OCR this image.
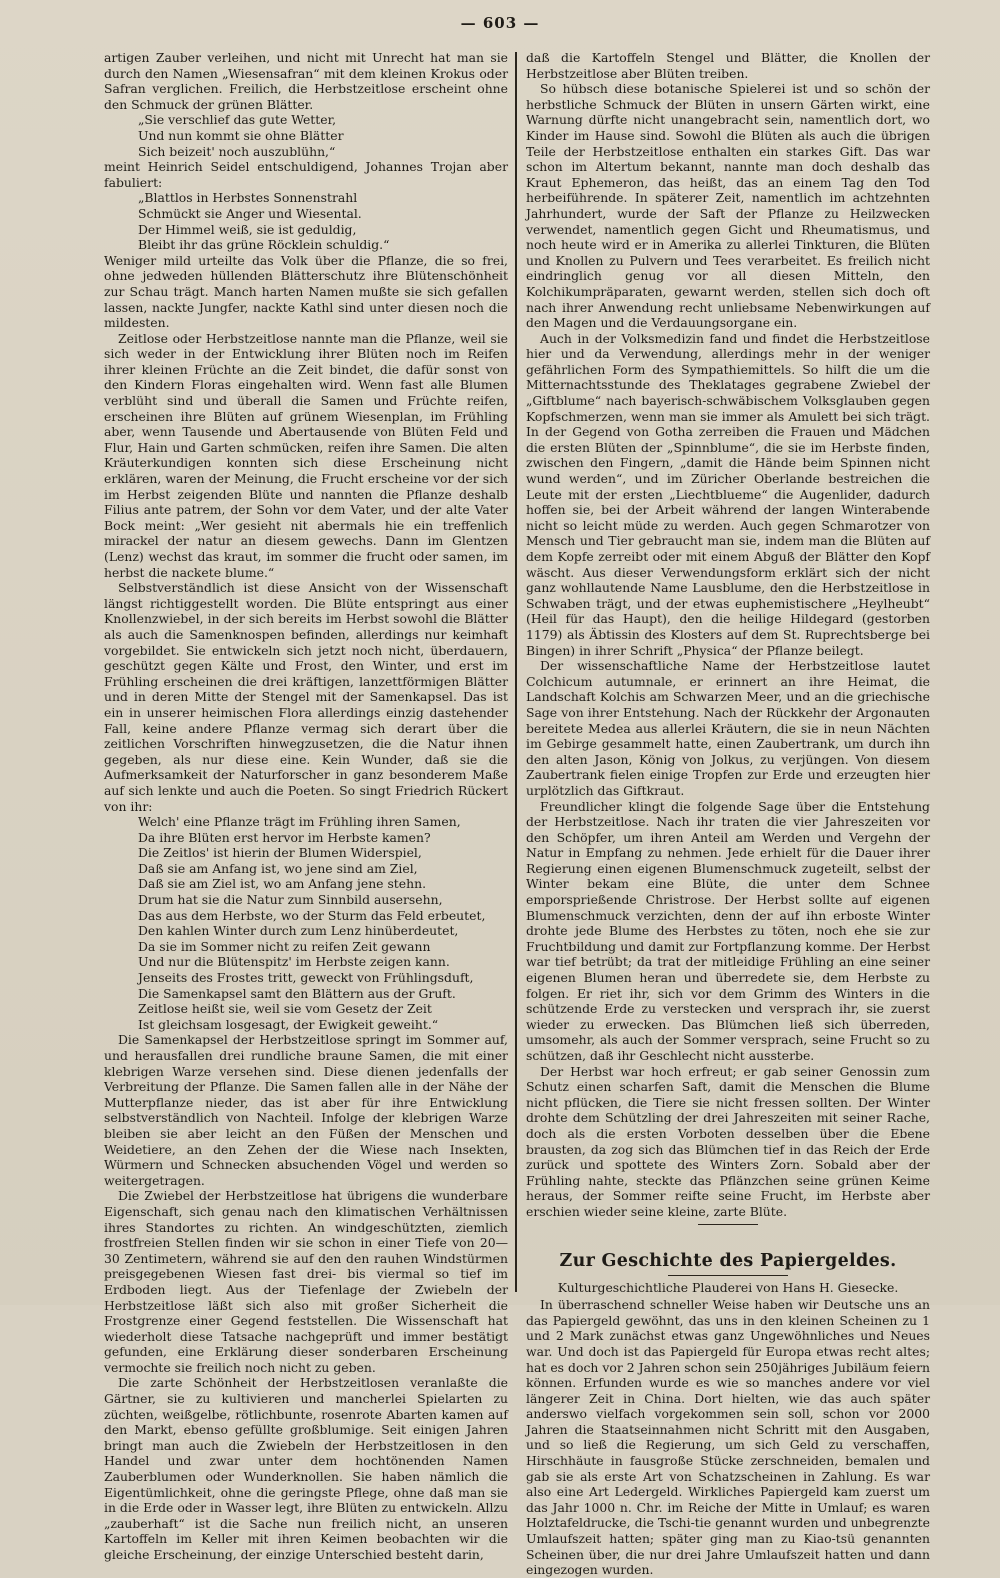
— 603 —

artigen Zauber verleihen, und nicht mit Unrecht hat man sie durch den Namen „Wiesensafran“ mit dem kleinen Krokus oder Safran verglichen. Freilich, die Herbstzeitlose erscheint ohne den Schmuck der grünen Blätter.

„Sie verschlief das gute Wetter,
Und nun kommt sie ohne Blätter
Sich beizeit' noch auszublühn,“

meint Heinrich Seidel entschuldigend, Johannes Trojan aber fabuliert:

„Blattlos in Herbstes Sonnenstrahl
Schmückt sie Anger und Wiesental.
Der Himmel weiß, sie ist geduldig,
Bleibt ihr das grüne Röcklein schuldig.“

Weniger mild urteilte das Volk über die Pflanze, die so frei, ohne jedweden hüllenden Blätterschutz ihre Blütenschönheit zur Schau trägt. Manch harten Namen mußte sie sich gefallen lassen, nackte Jungfer, nackte Kathl sind unter diesen noch die mildesten.

Zeitlose oder Herbstzeitlose nannte man die Pflanze, weil sie sich weder in der Entwicklung ihrer Blüten noch im Reifen ihrer kleinen Früchte an die Zeit bindet, die dafür sonst von den Kindern Floras eingehalten wird. Wenn fast alle Blumen verblüht sind und überall die Samen und Früchte reifen, erscheinen ihre Blüten auf grünem Wiesenplan, im Frühling aber, wenn Tausende und Abertausende von Blüten Feld und Flur, Hain und Garten schmücken, reifen ihre Samen. Die alten Kräuterkundigen konnten sich diese Erscheinung nicht erklären, waren der Meinung, die Frucht erscheine vor der sich im Herbst zeigenden Blüte und nannten die Pflanze deshalb Filius ante patrem, der Sohn vor dem Vater, und der alte Vater Bock meint: „Wer gesieht nit abermals hie ein treffenlich mirackel der natur an diesem gewechs. Dann im Glentzen (Lenz) wechst das kraut, im sommer die frucht oder samen, im herbst die nackete blume.“

Selbstverständlich ist diese Ansicht von der Wissenschaft längst richtiggestellt worden. Die Blüte entspringt aus einer Knollenzwiebel, in der sich bereits im Herbst sowohl die Blätter als auch die Samenknospen befinden, allerdings nur keimhaft vorgebildet. Sie entwickeln sich jetzt noch nicht, überdauern, geschützt gegen Kälte und Frost, den Winter, und erst im Frühling erscheinen die drei kräftigen, lanzettförmigen Blätter und in deren Mitte der Stengel mit der Samenkapsel. Das ist ein in unserer heimischen Flora allerdings einzig dastehender Fall, keine andere Pflanze vermag sich derart über die zeitlichen Vorschriften hinwegzusetzen, die die Natur ihnen gegeben, als nur diese eine. Kein Wunder, daß sie die Aufmerksamkeit der Naturforscher in ganz besonderem Maße auf sich lenkte und auch die Poeten. So singt Friedrich Rückert von ihr:

Welch' eine Pflanze trägt im Frühling ihren Samen,
Da ihre Blüten erst hervor im Herbste kamen?
Die Zeitlos' ist hierin der Blumen Widerspiel,
Daß sie am Anfang ist, wo jene sind am Ziel,
Daß sie am Ziel ist, wo am Anfang jene stehn.
Drum hat sie die Natur zum Sinnbild ausersehn,
Das aus dem Herbste, wo der Sturm das Feld erbeutet,
Den kahlen Winter durch zum Lenz hinüberdeutet,
Da sie im Sommer nicht zu reifen Zeit gewann
Und nur die Blütenspitz' im Herbste zeigen kann.
Jenseits des Frostes tritt, geweckt von Frühlingsduft,
Die Samenkapsel samt den Blättern aus der Gruft.
Zeitlose heißt sie, weil sie vom Gesetz der Zeit
Ist gleichsam losgesagt, der Ewigkeit geweiht.“

Die Samenkapsel der Herbstzeitlose springt im Sommer auf, und herausfallen drei rundliche braune Samen, die mit einer klebrigen Warze versehen sind. Diese dienen jedenfalls der Verbreitung der Pflanze. Die Samen fallen alle in der Nähe der Mutterpflanze nieder, das ist aber für ihre Entwicklung selbstverständlich von Nachteil. Infolge der klebrigen Warze bleiben sie aber leicht an den Füßen der Menschen und Weidetiere, an den Zehen der die Wiese nach Insekten, Würmern und Schnecken absuchenden Vögel und werden so weitergetragen.

Die Zwiebel der Herbstzeitlose hat übrigens die wunderbare Eigenschaft, sich genau nach den klimatischen Verhältnissen ihres Standortes zu richten. An windgeschützten, ziemlich frostfreien Stellen finden wir sie schon in einer Tiefe von 20—30 Zentimetern, während sie auf den den rauhen Windstürmen preisgegebenen Wiesen fast drei- bis viermal so tief im Erdboden liegt. Aus der Tiefenlage der Zwiebeln der Herbstzeitlose läßt sich also mit großer Sicherheit die Frostgrenze einer Gegend feststellen. Die Wissenschaft hat wiederholt diese Tatsache nachgeprüft und immer bestätigt gefunden, eine Erklärung dieser sonderbaren Erscheinung vermochte sie freilich noch nicht zu geben.

Die zarte Schönheit der Herbstzeitlosen veranlaßte die Gärtner, sie zu kultivieren und mancherlei Spielarten zu züchten, weißgelbe, rötlichbunte, rosenrote Abarten kamen auf den Markt, ebenso gefüllte großblumige. Seit einigen Jahren bringt man auch die Zwiebeln der Herbstzeitlosen in den Handel und zwar unter dem hochtönenden Namen Zauberblumen oder Wunderknollen. Sie haben nämlich die Eigentümlichkeit, ohne die geringste Pflege, ohne daß man sie in die Erde oder in Wasser legt, ihre Blüten zu entwickeln. Allzu „zauberhaft“ ist die Sache nun freilich nicht, an unseren Kartoffeln im Keller mit ihren Keimen beobachten wir die gleiche Erscheinung, der einzige Unterschied besteht darin,

daß die Kartoffeln Stengel und Blätter, die Knollen der Herbstzeitlose aber Blüten treiben.

So hübsch diese botanische Spielerei ist und so schön der herbstliche Schmuck der Blüten in unsern Gärten wirkt, eine Warnung dürfte nicht unangebracht sein, namentlich dort, wo Kinder im Hause sind. Sowohl die Blüten als auch die übrigen Teile der Herbstzeitlose enthalten ein starkes Gift. Das war schon im Altertum bekannt, nannte man doch deshalb das Kraut Ephemeron, das heißt, das an einem Tag den Tod herbeiführende. In späterer Zeit, namentlich im achtzehnten Jahrhundert, wurde der Saft der Pflanze zu Heilzwecken verwendet, namentlich gegen Gicht und Rheumatismus, und noch heute wird er in Amerika zu allerlei Tinkturen, die Blüten und Knollen zu Pulvern und Tees verarbeitet. Es freilich nicht eindringlich genug vor all diesen Mitteln, den Kolchikumpräparaten, gewarnt werden, stellen sich doch oft nach ihrer Anwendung recht unliebsame Nebenwirkungen auf den Magen und die Verdauungsorgane ein.

Auch in der Volksmedizin fand und findet die Herbstzeitlose hier und da Verwendung, allerdings mehr in der weniger gefährlichen Form des Sympathiemittels. So hilft die um die Mitternachtsstunde des Theklatages gegrabene Zwiebel der „Giftblume“ nach bayerisch-schwäbischem Volksglauben gegen Kopfschmerzen, wenn man sie immer als Amulett bei sich trägt. In der Gegend von Gotha zerreiben die Frauen und Mädchen die ersten Blüten der „Spinnblume“, die sie im Herbste finden, zwischen den Fingern, „damit die Hände beim Spinnen nicht wund werden“, und im Züricher Oberlande bestreichen die Leute mit der ersten „Liechtblueme“ die Augenlider, dadurch hoffen sie, bei der Arbeit während der langen Winterabende nicht so leicht müde zu werden. Auch gegen Schmarotzer von Mensch und Tier gebraucht man sie, indem man die Blüten auf dem Kopfe zerreibt oder mit einem Abguß der Blätter den Kopf wäscht. Aus dieser Verwendungsform erklärt sich der nicht ganz wohllautende Name Lausblume, den die Herbstzeitlose in Schwaben trägt, und der etwas euphemistischere „Heylheubt“ (Heil für das Haupt), den die heilige Hildegard (gestorben 1179) als Äbtissin des Klosters auf dem St. Ruprechtsberge bei Bingen) in ihrer Schrift „Physica“ der Pflanze beilegt.

Der wissenschaftliche Name der Herbstzeitlose lautet Colchicum autumnale, er erinnert an ihre Heimat, die Landschaft Kolchis am Schwarzen Meer, und an die griechische Sage von ihrer Entstehung. Nach der Rückkehr der Argonauten bereitete Medea aus allerlei Kräutern, die sie in neun Nächten im Gebirge gesammelt hatte, einen Zaubertrank, um durch ihn den alten Jason, König von Jolkus, zu verjüngen. Von diesem Zaubertrank fielen einige Tropfen zur Erde und erzeugten hier urplötzlich das Giftkraut.

Freundlicher klingt die folgende Sage über die Entstehung der Herbstzeitlose. Nach ihr traten die vier Jahreszeiten vor den Schöpfer, um ihren Anteil am Werden und Vergehn der Natur in Empfang zu nehmen. Jede erhielt für die Dauer ihrer Regierung einen eigenen Blumenschmuck zugeteilt, selbst der Winter bekam eine Blüte, die unter dem Schnee emporsprießende Christrose. Der Herbst sollte auf eigenen Blumenschmuck verzichten, denn der auf ihn erboste Winter drohte jede Blume des Herbstes zu töten, noch ehe sie zur Fruchtbildung und damit zur Fortpflanzung komme. Der Herbst war tief betrübt; da trat der mitleidige Frühling an eine seiner eigenen Blumen heran und überredete sie, dem Herbste zu folgen. Er riet ihr, sich vor dem Grimm des Winters in die schützende Erde zu verstecken und versprach ihr, sie zuerst wieder zu erwecken. Das Blümchen ließ sich überreden, umsomehr, als auch der Sommer versprach, seine Frucht so zu schützen, daß ihr Geschlecht nicht aussterbe.

Der Herbst war hoch erfreut; er gab seiner Genossin zum Schutz einen scharfen Saft, damit die Menschen die Blume nicht pflücken, die Tiere sie nicht fressen sollten. Der Winter drohte dem Schützling der drei Jahreszeiten mit seiner Rache, doch als die ersten Vorboten desselben über die Ebene brausten, da zog sich das Blümchen tief in das Reich der Erde zurück und spottete des Winters Zorn. Sobald aber der Frühling nahte, steckte das Pflänzchen seine grünen Keime heraus, der Sommer reifte seine Frucht, im Herbste aber erschien wieder seine kleine, zarte Blüte.

Zur Geschichte des Papiergeldes.
Kulturgeschichtliche Plauderei von Hans H. Giesecke.

In überraschend schneller Weise haben wir Deutsche uns an das Papiergeld gewöhnt, das uns in den kleinen Scheinen zu 1 und 2 Mark zunächst etwas ganz Ungewöhnliches und Neues war. Und doch ist das Papiergeld für Europa etwas recht altes; hat es doch vor 2 Jahren schon sein 250jähriges Jubiläum feiern können. Erfunden wurde es wie so manches andere vor viel längerer Zeit in China. Dort hielten, wie das auch später anderswo vielfach vorgekommen sein soll, schon vor 2000 Jahren die Staatseinnahmen nicht Schritt mit den Ausgaben, und so ließ die Regierung, um sich Geld zu verschaffen, Hirschhäute in fausgroße Stücke zerschneiden, bemalen und gab sie als erste Art von Schatzscheinen in Zahlung. Es war also eine Art Ledergeld. Wirkliches Papiergeld kam zuerst um das Jahr 1000 n. Chr. im Reiche der Mitte in Umlauf; es waren Holztafeldrucke, die Tschi-tie genannt wurden und unbegrenzte Umlaufszeit hatten; später ging man zu Kiao-tsü genannten Scheinen über, die nur drei Jahre Umlaufszeit hatten und dann eingezogen wurden.
